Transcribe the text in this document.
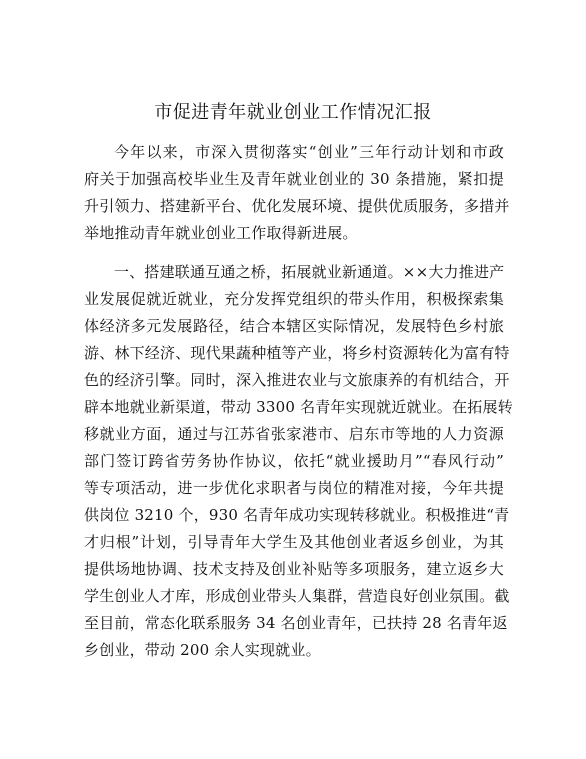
市促进青年就业创业工作情况汇报
今年以来，市深入贯彻落实“创业”三年行动计划和市政
府关于加强高校毕业生及青年就业创业的 30 条措施，紧扣提
升引领力、搭建新平台、优化发展环境、提供优质服务，多措并
举地推动青年就业创业工作取得新进展。
一、搭建联通互通之桥，拓展就业新通道。××大力推进产
业发展促就近就业，充分发挥党组织的带头作用，积极探索集
体经济多元发展路径，结合本辖区实际情况，发展特色乡村旅
游、林下经济、现代果蔬种植等产业，将乡村资源转化为富有特
色的经济引擎。同时，深入推进农业与文旅康养的有机结合，开
辟本地就业新渠道，带动 3300 名青年实现就近就业。在拓展转
移就业方面，通过与江苏省张家港市、启东市等地的人力资源
部门签订跨省劳务协作协议，依托“就业援助月”“春风行动”
等专项活动，进一步优化求职者与岗位的精准对接，今年共提
供岗位 3210 个，930 名青年成功实现转移就业。积极推进“青
才归根”计划，引导青年大学生及其他创业者返乡创业，为其
提供场地协调、技术支持及创业补贴等多项服务，建立返乡大
学生创业人才库，形成创业带头人集群，营造良好创业氛围。截
至目前，常态化联系服务 34 名创业青年，已扶持 28 名青年返
乡创业，带动 200 余人实现就业。
